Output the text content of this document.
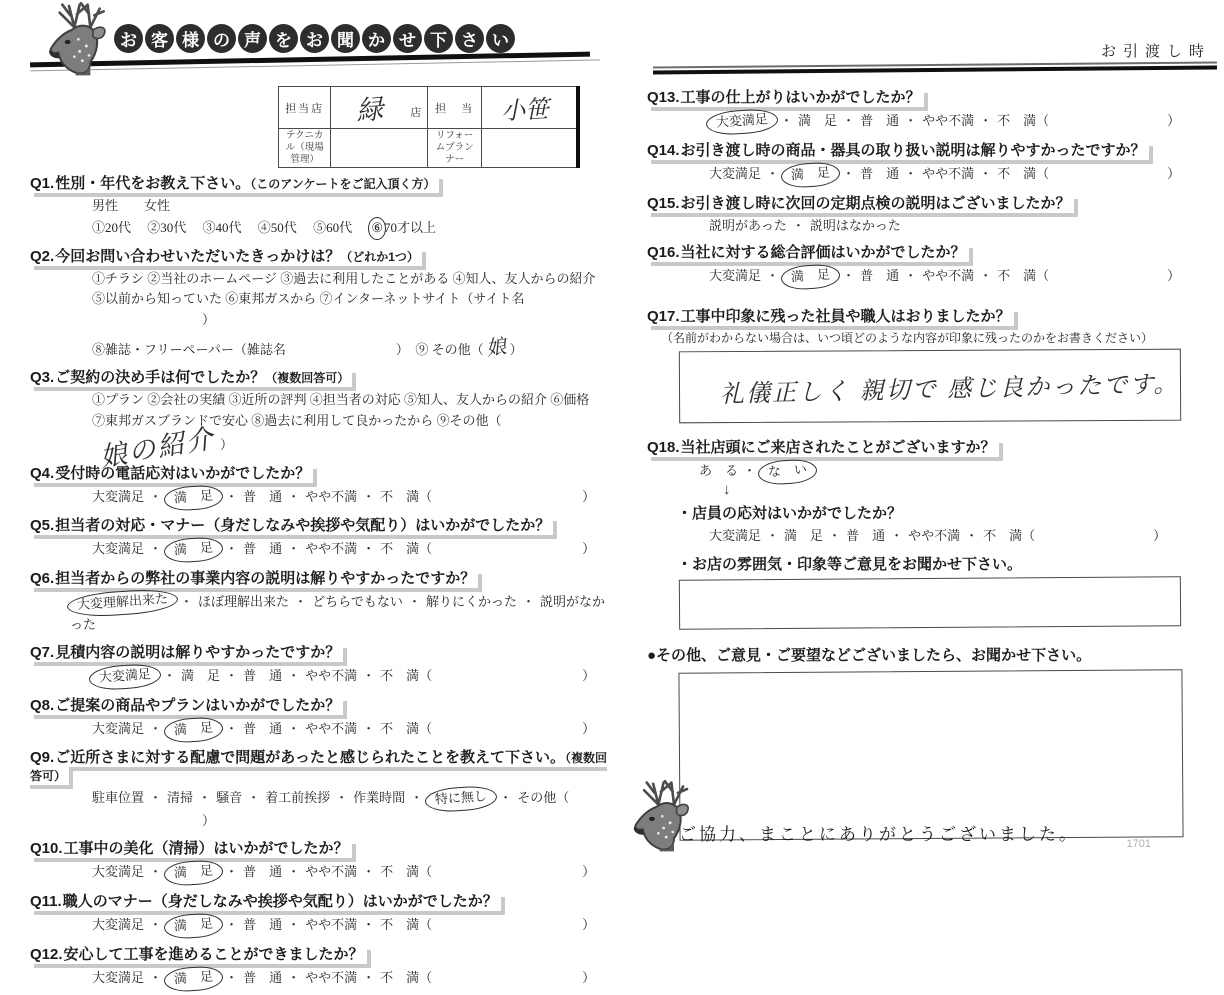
お 客 様 の 声 を お 聞 か せ 下 さ い
担当店	緑 店	担　当	小笹
テクニカル（現場管理）		リフォームプランナー	
Q1.性別・年代をお教え下さい。（このアンケートをご記入頂く方）
男性　　女性
①20代 ②30代 ③40代 ④50代 ⑤60代 ⑥70才以上
Q2.今回お問い合わせいただいたきっかけは？（どれか1つ）
①チラシ ②当社のホームページ ③過去に利用したことがある ④知人、友人からの紹介
⑤以前から知っていた ⑥東邦ガスから ⑦インターネットサイト（サイト名）
⑧雑誌・フリーペーパー（雑誌名	）　⑨ その他（娘 ）
Q3.ご契約の決め手は何でしたか？（複数回答可）
①プラン ②会社の実績 ③近所の評判 ④担当者の対応 ⑤知人、友人からの紹介 ⑥価格
⑦東邦ガスブランドで安心 ⑧過去に利用して良かったから ⑨その他（娘の紹介 ）
Q4.受付時の電話応対はいかがでしたか？
大変満足 ・ 満　足 ・ 普　通 ・ やや不満 ・ 不　満（	）
Q5.担当者の対応・マナー（身だしなみや挨拶や気配り）はいかがでしたか？
大変満足 ・ 満　足 ・ 普　通 ・ やや不満 ・ 不　満（	）
Q6.担当者からの弊社の事業内容の説明は解りやすかったですか？
大変理解出来た ・ ほぼ理解出来た ・ どちらでもない ・ 解りにくかった ・ 説明がなかった
Q7.見積内容の説明は解りやすかったですか？
大変満足 ・ 満　足 ・ 普　通 ・ やや不満 ・ 不　満（	）
Q8.ご提案の商品やプランはいかがでしたか？
大変満足 ・ 満　足 ・ 普　通 ・ やや不満 ・ 不　満（	）
Q9.ご近所さまに対する配慮で問題があったと感じられたことを教えて下さい。（複数回答可）
駐車位置 ・ 清掃 ・ 騒音 ・ 着工前挨拶 ・ 作業時間 ・ 特に無し ・ その他（）
Q10.工事中の美化（清掃）はいかがでしたか？
大変満足 ・ 満　足 ・ 普　通 ・ やや不満 ・ 不　満（	）
Q11.職人のマナー（身だしなみや挨拶や気配り）はいかがでしたか？
大変満足 ・ 満　足 ・ 普　通 ・ やや不満 ・ 不　満（	）
Q12.安心して工事を進めることができましたか？
大変満足 ・ 満　足 ・ 普　通 ・ やや不満 ・ 不　満（	）
お引渡し時
Q13.工事の仕上がりはいかがでしたか？
大変満足 ・ 満　足 ・ 普　通 ・ やや不満 ・ 不　満（	）
Q14.お引き渡し時の商品・器具の取り扱い説明は解りやすかったですか？
大変満足 ・ 満　足 ・ 普　通 ・ やや不満 ・ 不　満（	）
Q15.お引き渡し時に次回の定期点検の説明はございましたか？
説明があった ・ 説明はなかった
Q16.当社に対する総合評価はいかがでしたか？
大変満足 ・ 満　足 ・ 普　通 ・ やや不満 ・ 不　満（	）
Q17.工事中印象に残った社員や職人はおりましたか？
（名前がわからない場合は、いつ頃どのような内容が印象に残ったのかをお書きください）
礼儀正しく 親切で 感じ良かったです。
Q18.当社店頭にご来店されたことがございますか？
あ　る ・ な　い
↓
・店員の応対はいかがでしたか？
大変満足 ・ 満　足 ・ 普　通 ・ やや不満 ・ 不　満（	）
・お店の雰囲気・印象等ご意見をお聞かせ下さい。
●その他、ご意見・ご要望などございましたら、お聞かせ下さい。
ご協力、まことにありがとうございました。	1701
